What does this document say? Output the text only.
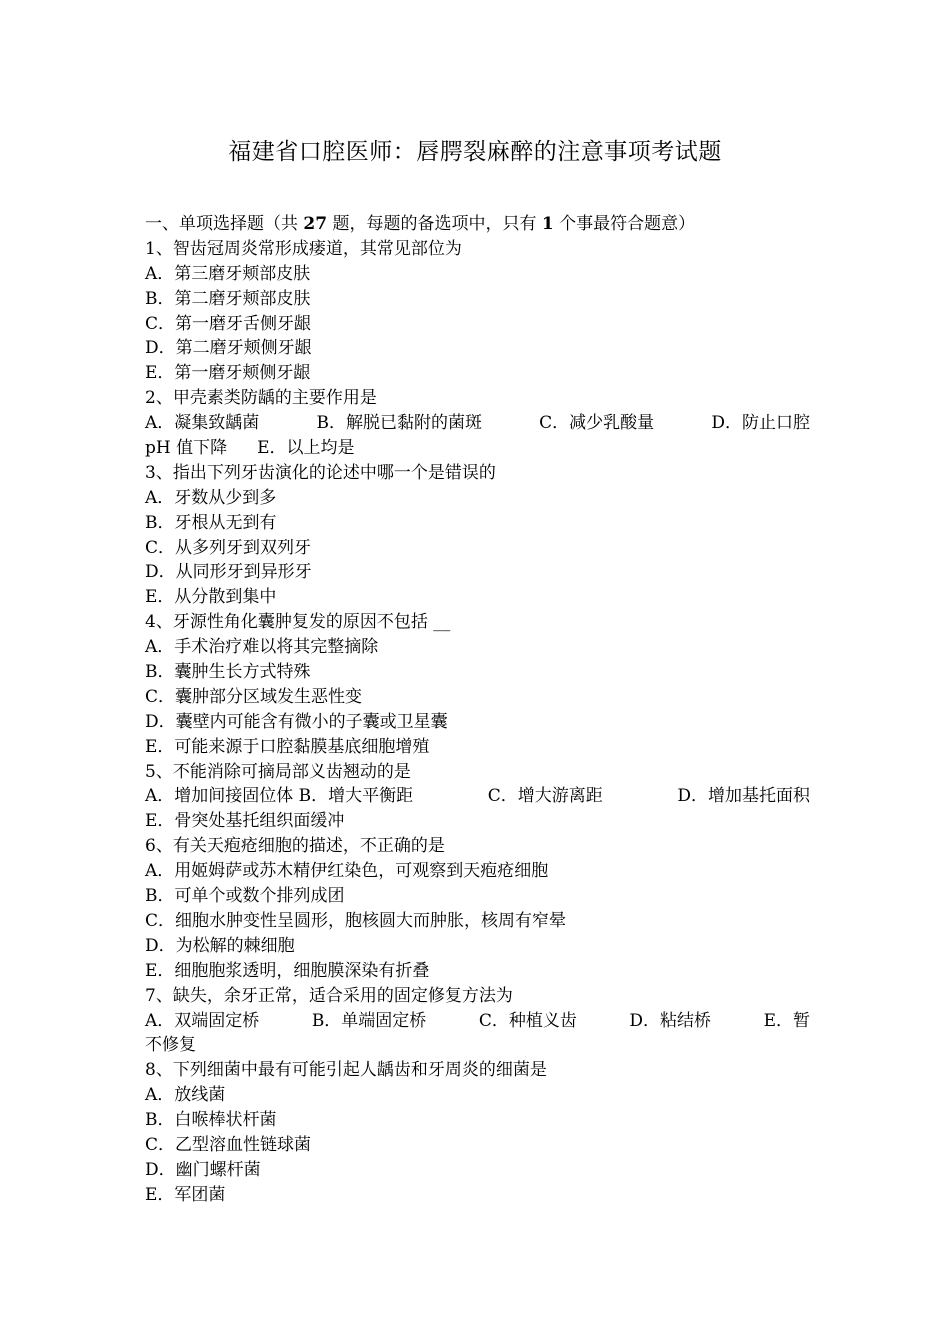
福建省口腔医师：唇腭裂麻醉的注意事项考试题
一、单项选择题（共 27 题，每题的备选项中，只有 1 个事最符合题意）
1、智齿冠周炎常形成瘘道，其常见部位为
A．第三磨牙颊部皮肤
B．第二磨牙颊部皮肤
C．第一磨牙舌侧牙龈
D．第二磨牙颊侧牙龈
E．第一磨牙颊侧牙龈
2、甲壳素类防龋的主要作用是
A．凝集致龋菌	B．解脱已黏附的菌斑	C．减少乳酸量	D．防止口腔
pH 值下降 E．以上均是
3、指出下列牙齿演化的论述中哪一个是错误的
A．牙数从少到多
B．牙根从无到有
C．从多列牙到双列牙
D．从同形牙到异形牙
E．从分散到集中
4、牙源性角化囊肿复发的原因不包括 __
A．手术治疗难以将其完整摘除
B．囊肿生长方式特殊
C．囊肿部分区域发生恶性变
D．囊壁内可能含有微小的子囊或卫星囊
E．可能来源于口腔黏膜基底细胞增殖
5、不能消除可摘局部义齿翘动的是
A．增加间接固位体 B．增大平衡距	C．增大游离距	D．增加基托面积
E．骨突处基托组织面缓冲
6、有关天疱疮细胞的描述，不正确的是
A．用姬姆萨或苏木精伊红染色，可观察到天疱疮细胞
B．可单个或数个排列成团
C．细胞水肿变性呈圆形，胞核圆大而肿胀，核周有窄晕
D．为松解的棘细胞
E．细胞胞浆透明，细胞膜深染有折叠
7、缺失，余牙正常，适合采用的固定修复方法为
A．双端固定桥	B．单端固定桥	C．种植义齿	D．粘结桥	E．暂
不修复
8、下列细菌中最有可能引起人龋齿和牙周炎的细菌是
A．放线菌
B．白喉棒状杆菌
C．乙型溶血性链球菌
D．幽门螺杆菌
E．军团菌
